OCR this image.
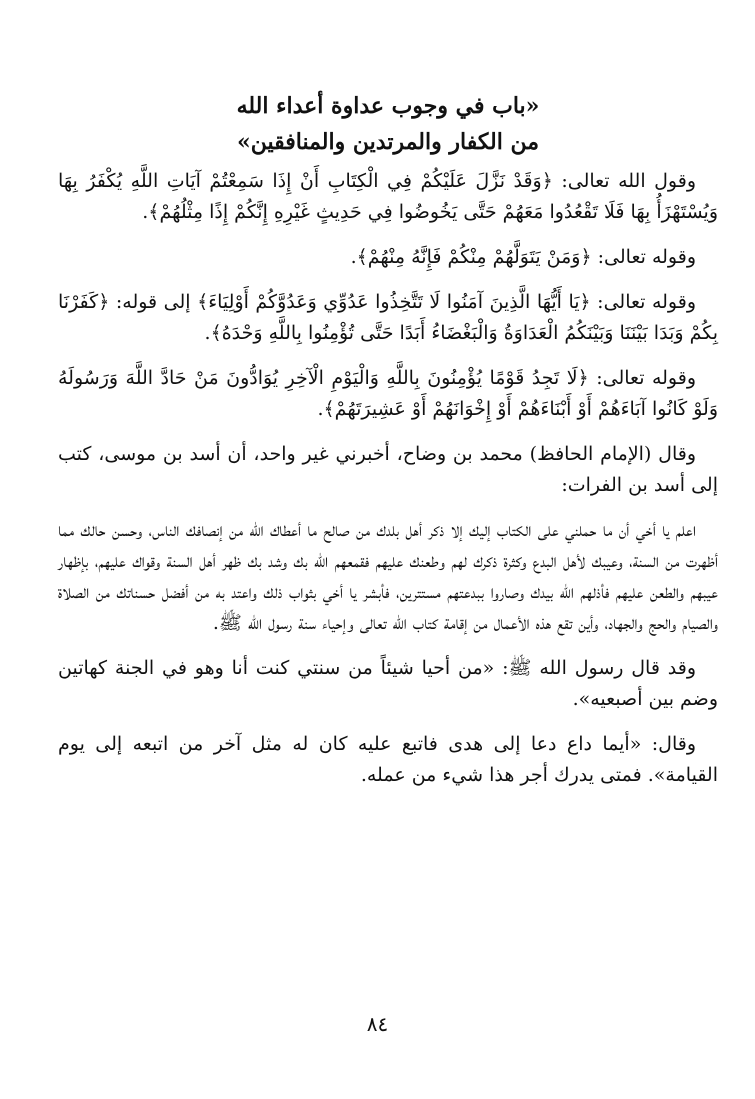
«باب في وجوب عداوة أعداء الله
من الكفار والمرتدين والمنافقين»

وقول الله تعالى: ﴿وَقَدْ نَزَّلَ عَلَيْكُمْ فِي الْكِتَابِ أَنْ إِذَا سَمِعْتُمْ آيَاتِ اللَّهِ يُكْفَرُ بِهَا وَيُسْتَهْزَأُ بِهَا فَلَا تَقْعُدُوا مَعَهُمْ حَتَّى يَخُوضُوا فِي حَدِيثٍ غَيْرِهِ إِنَّكُمْ إِذًا مِثْلُهُمْ﴾.

وقوله تعالى: ﴿وَمَنْ يَتَوَلَّهُمْ مِنْكُمْ فَإِنَّهُ مِنْهُمْ﴾.

وقوله تعالى: ﴿يَا أَيُّهَا الَّذِينَ آمَنُوا لَا تَتَّخِذُوا عَدُوِّي وَعَدُوَّكُمْ أَوْلِيَاءَ﴾ إلى قوله: ﴿كَفَرْنَا بِكُمْ وَبَدَا بَيْنَنَا وَبَيْنَكُمُ الْعَدَاوَةُ وَالْبَغْضَاءُ أَبَدًا حَتَّى تُؤْمِنُوا بِاللَّهِ وَحْدَهُ﴾.

وقوله تعالى: ﴿لَا تَجِدُ قَوْمًا يُؤْمِنُونَ بِاللَّهِ وَالْيَوْمِ الْآخِرِ يُوَادُّونَ مَنْ حَادَّ اللَّهَ وَرَسُولَهُ وَلَوْ كَانُوا آبَاءَهُمْ أَوْ أَبْنَاءَهُمْ أَوْ إِخْوَانَهُمْ أَوْ عَشِيرَتَهُمْ﴾.

وقال (الإمام الحافظ) محمد بن وضاح، أخبرني غير واحد، أن أسد بن موسى، كتب إلى أسد بن الفرات:

اعلم يا أخي أن ما حملني على الكتاب إليك إلا ذكر أهل بلدك من صالح ما أعطاك الله من إنصافك الناس، وحسن حالك مما أظهرت من السنة، وعيبك لأهل البدع وكثرة ذكرك لهم وطعنك عليهم فقمعهم الله بك وشد بك ظهر أهل السنة وقواك عليهم، بإظهار عيبهم والطعن عليهم فأذلهم الله بيدك وصاروا ببدعتهم مستترين، فأبشر يا أخي بثواب ذلك واعتد به من أفضل حسناتك من الصلاة والصيام والحج والجهاد، وأين تقع هذه الأعمال من إقامة كتاب الله تعالى وإحياء سنة رسول الله ﷺ.

وقد قال رسول الله ﷺ: «من أحيا شيئاً من سنتي كنت أنا وهو في الجنة كهاتين وضم بين أصبعيه».

وقال: «أيما داع دعا إلى هدى فاتبع عليه كان له مثل آخر من اتبعه إلى يوم القيامة». فمتى يدرك أجر هذا شيء من عمله.

٨٤
